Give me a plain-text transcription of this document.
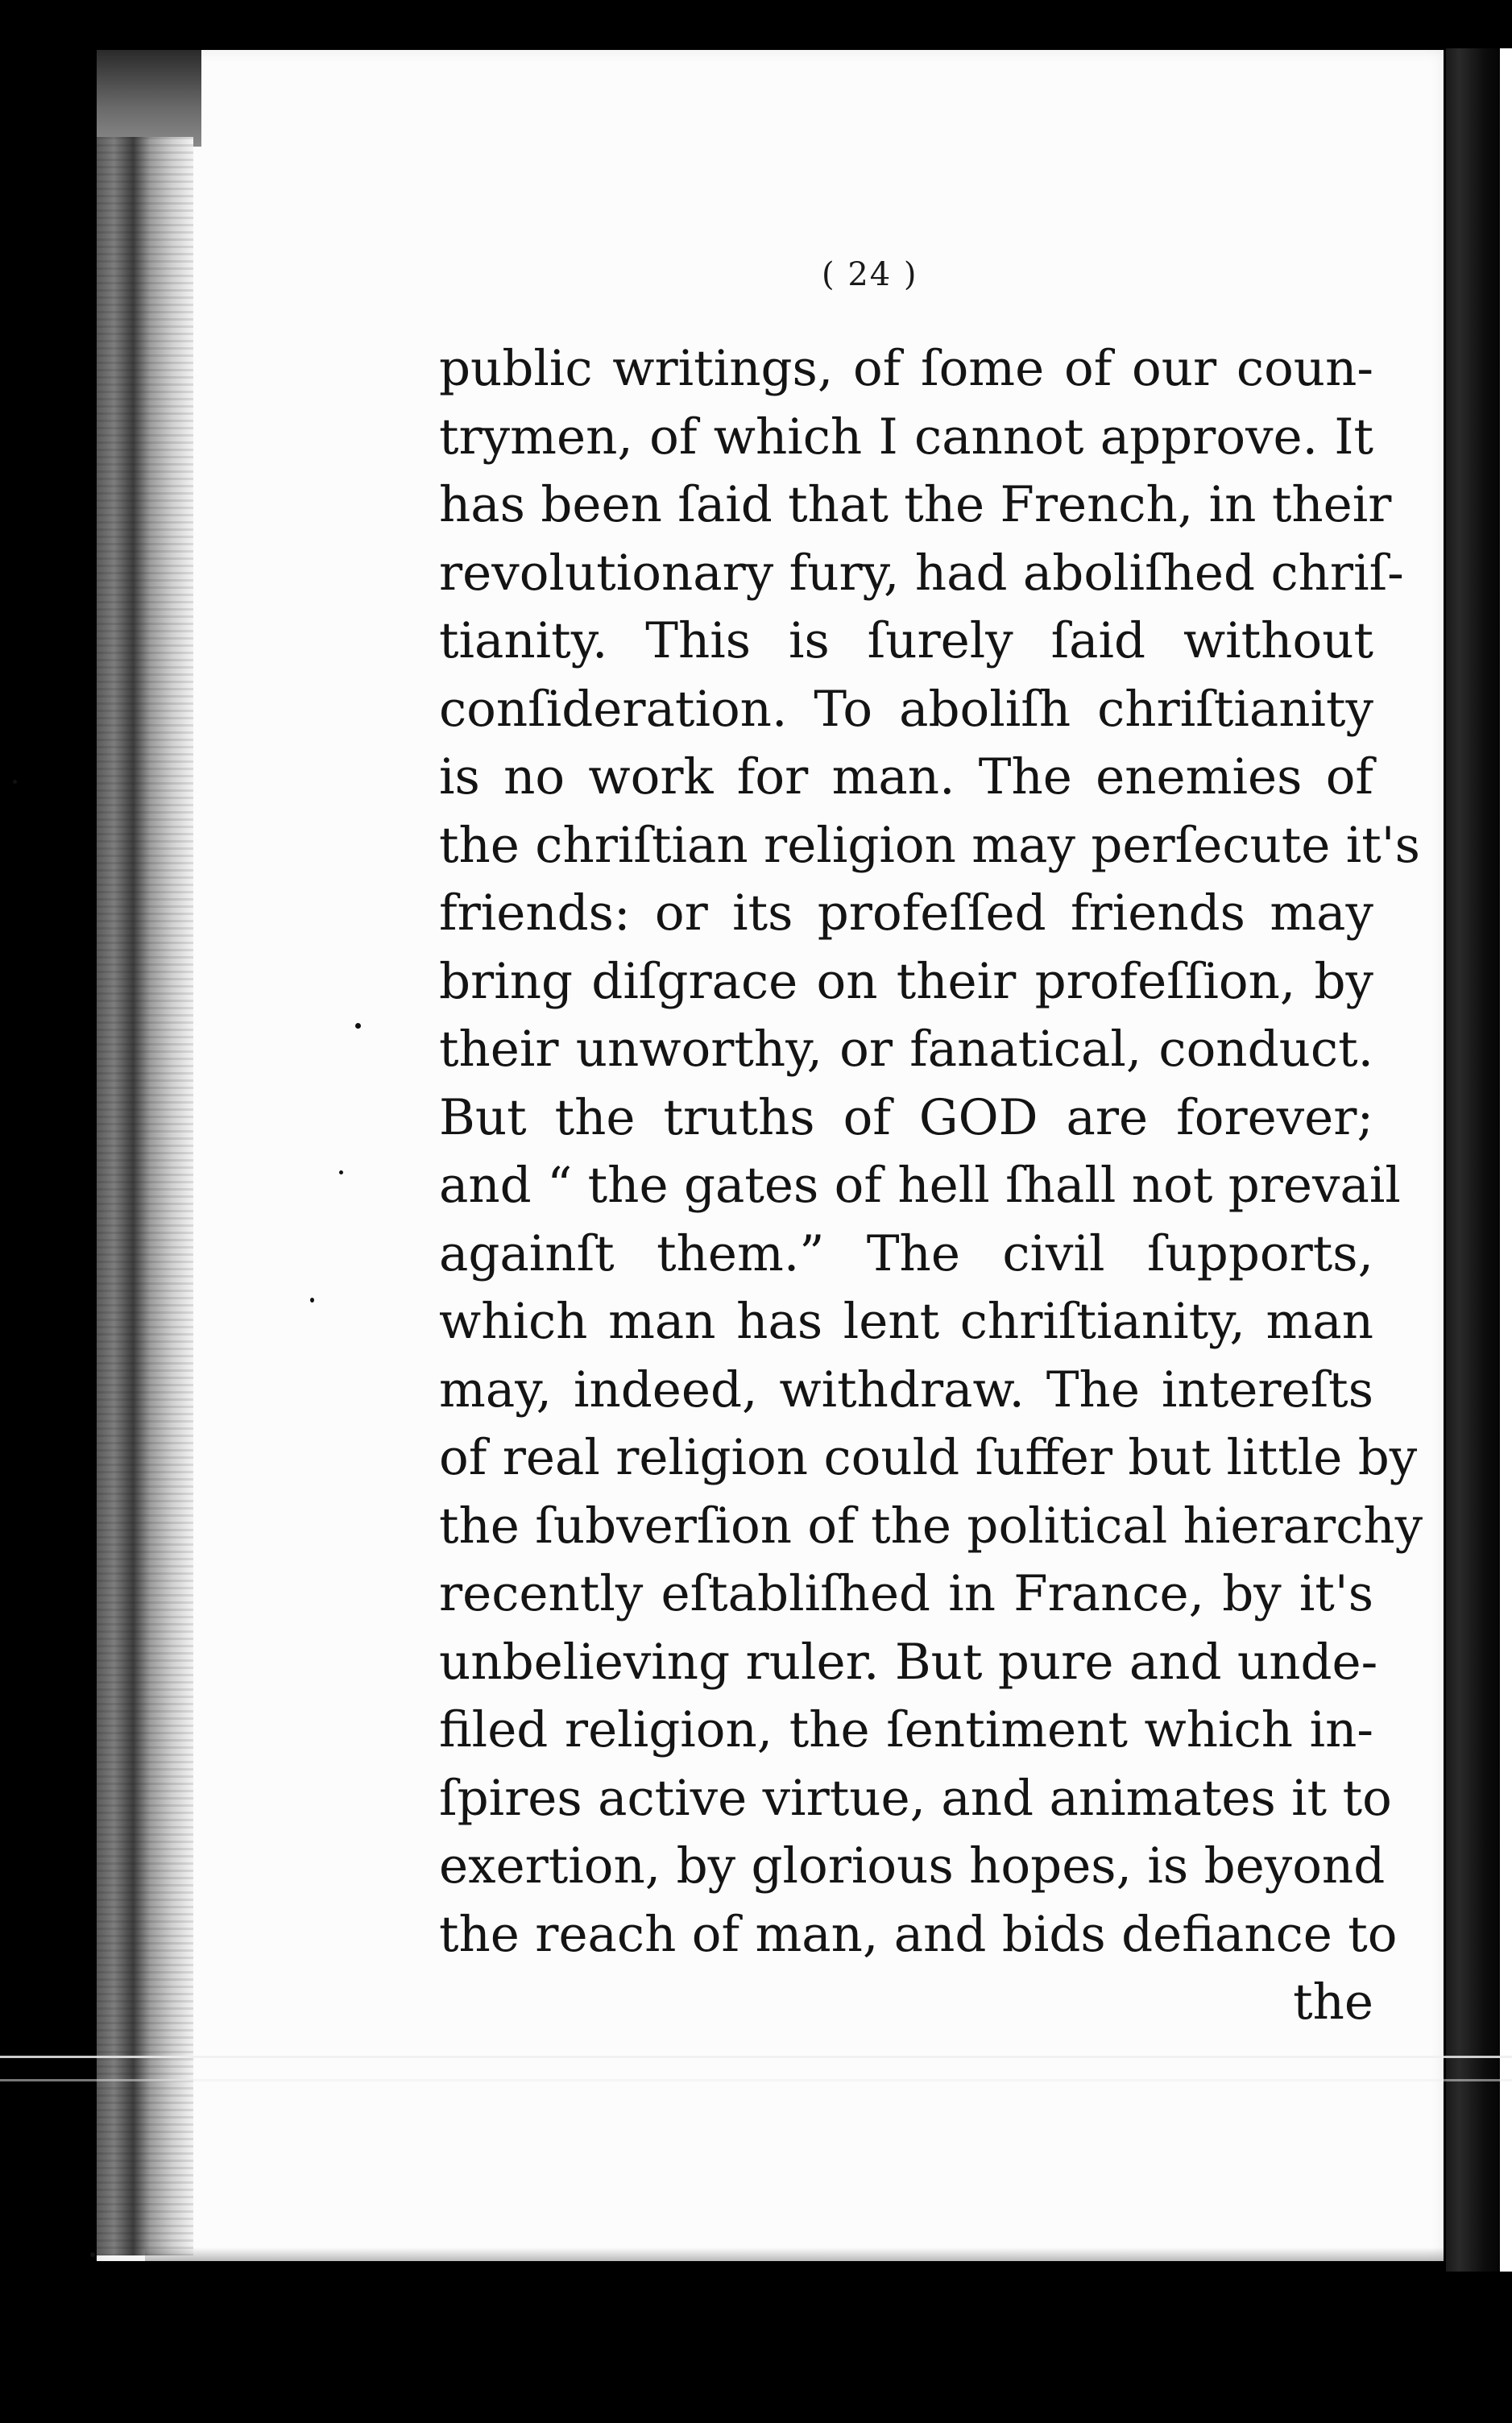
( 24 )
public writings, of ſome of our coun-
trymen, of which I cannot approve. It
has been ſaid that the French, in their
revolutionary fury, had aboliſhed chriſ-
tianity. This is ſurely ſaid without
conſideration. To aboliſh chriſtianity
is no work for man. The enemies of
the chriſtian religion may perſecute it's
friends: or its profeſſed friends may
bring diſgrace on their profeſſion, by
their unworthy, or fanatical, conduct.
But the truths of GOD are forever;
and “ the gates of hell ſhall not prevail
againſt them.” The civil ſupports,
which man has lent chriſtianity, man
may, indeed, withdraw. The intereſts
of real religion could ſuffer but little by
the ſubverſion of the political hierarchy
recently eſtabliſhed in France, by it's
unbelieving ruler. But pure and unde-
filed religion, the ſentiment which in-
ſpires active virtue, and animates it to
exertion, by glorious hopes, is beyond
the reach of man, and bids defiance to
the
